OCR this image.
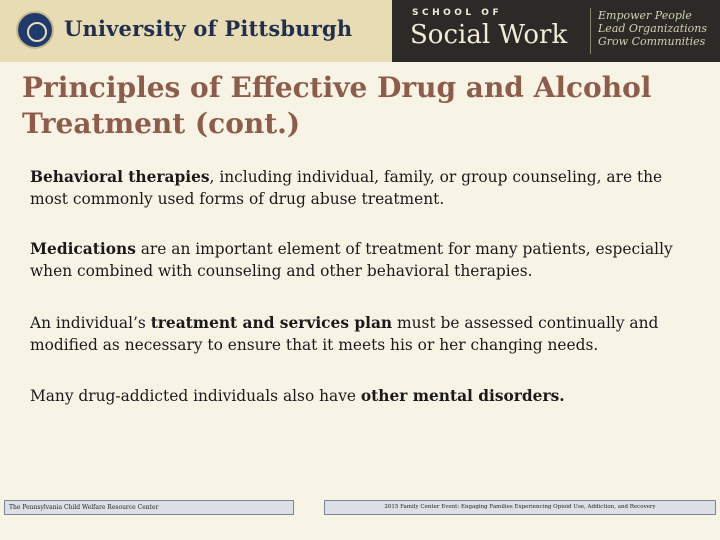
University of Pittsburgh
SCHOOL OF
Social Work
Empower People
Lead Organizations
Grow Communities
Principles of Effective Drug and Alcohol
Treatment (cont.)

Behavioral therapies, including individual, family, or group counseling, are the most commonly used forms of drug abuse treatment.

Medications are an important element of treatment for many patients, especially when combined with counseling and other behavioral therapies.

An individual’s treatment and services plan must be assessed continually and modified as necessary to ensure that it meets his or her changing needs.

Many drug-addicted individuals also have other mental disorders.

The Pennsylvania Child Welfare Resource Center	2015 Family Center Event: Engaging Families Experiencing Opioid Use, Addiction, and Recovery
